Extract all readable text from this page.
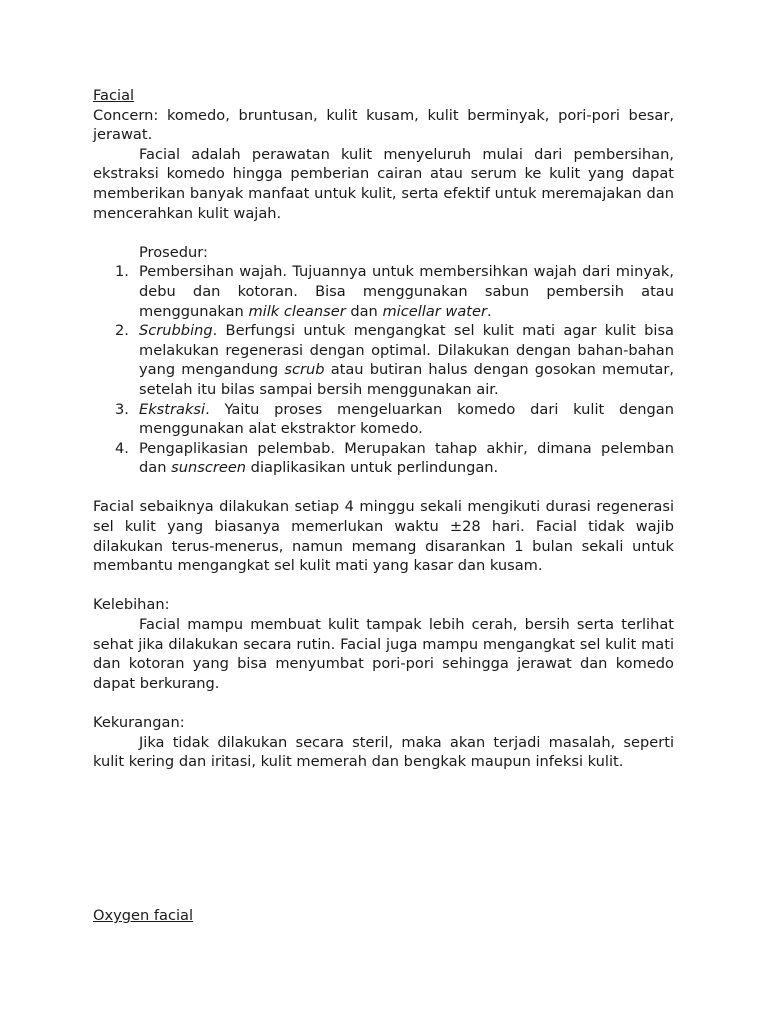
Facial

Concern: komedo, bruntusan, kulit kusam, kulit berminyak, pori-pori besar, jerawat.

Facial adalah perawatan kulit menyeluruh mulai dari pembersihan, ekstraksi komedo hingga pemberian cairan atau serum ke kulit yang dapat memberikan banyak manfaat untuk kulit, serta efektif untuk meremajakan dan mencerahkan kulit wajah.

Prosedur:

1. Pembersihan wajah. Tujuannya untuk membersihkan wajah dari minyak, debu dan kotoran. Bisa menggunakan sabun pembersih atau menggunakan milk cleanser dan micellar water.
2. Scrubbing. Berfungsi untuk mengangkat sel kulit mati agar kulit bisa melakukan regenerasi dengan optimal. Dilakukan dengan bahan-bahan yang mengandung scrub atau butiran halus dengan gosokan memutar, setelah itu bilas sampai bersih menggunakan air.
3. Ekstraksi. Yaitu proses mengeluarkan komedo dari kulit dengan menggunakan alat ekstraktor komedo.
4. Pengaplikasian pelembab. Merupakan tahap akhir, dimana pelemban dan sunscreen diaplikasikan untuk perlindungan.

Facial sebaiknya dilakukan setiap 4 minggu sekali mengikuti durasi regenerasi sel kulit yang biasanya memerlukan waktu ±28 hari. Facial tidak wajib dilakukan terus-menerus, namun memang disarankan 1 bulan sekali untuk membantu mengangkat sel kulit mati yang kasar dan kusam.

Kelebihan:

Facial mampu membuat kulit tampak lebih cerah, bersih serta terlihat sehat jika dilakukan secara rutin. Facial juga mampu mengangkat sel kulit mati dan kotoran yang bisa menyumbat pori-pori sehingga jerawat dan komedo dapat berkurang.

Kekurangan:

Jika tidak dilakukan secara steril, maka akan terjadi masalah, seperti kulit kering dan iritasi, kulit memerah dan bengkak maupun infeksi kulit.

Oxygen facial
